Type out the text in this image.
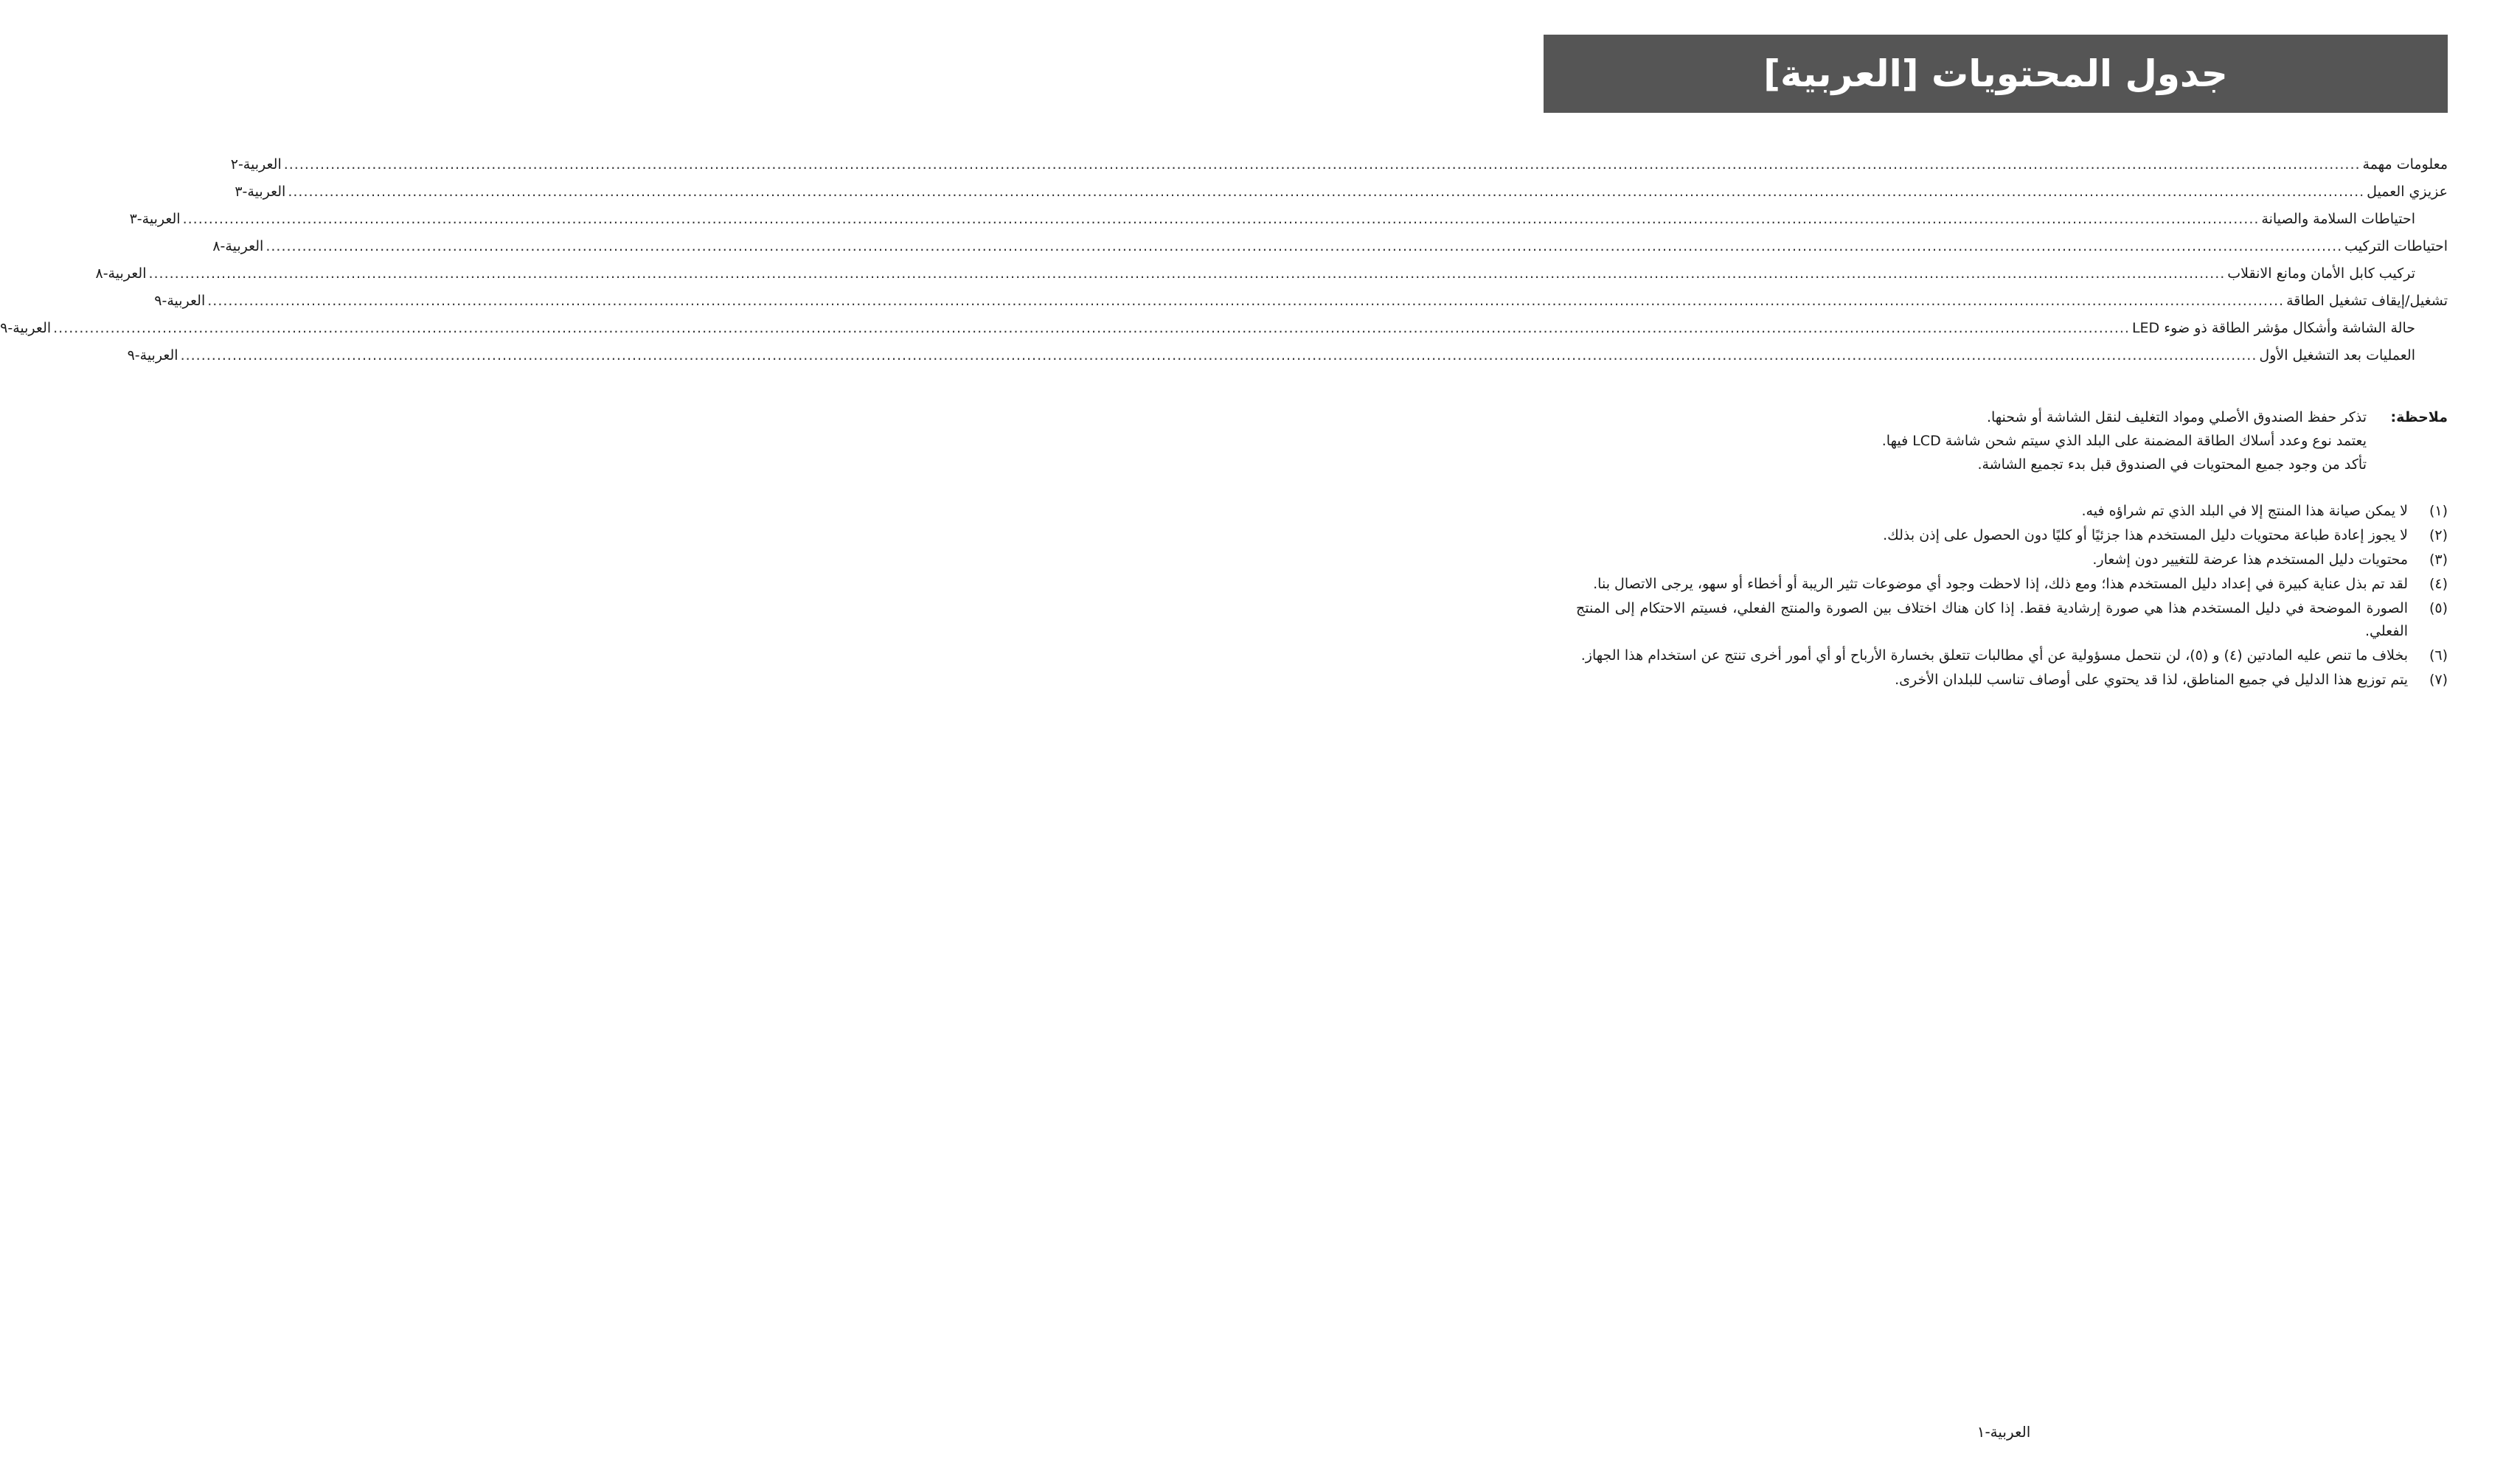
جدول المحتويات [العربية]
معلومات مهمة
................................................................................................................................................................................................................................................................................................................................................................................................................
العربية-٢
عزيزي العميل
................................................................................................................................................................................................................................................................................................................................................................................................................
العربية-٣
احتياطات السلامة والصيانة
................................................................................................................................................................................................................................................................................................................................................................................................................
العربية-٣
احتياطات التركيب
................................................................................................................................................................................................................................................................................................................................................................................................................
العربية-٨
تركيب كابل الأمان ومانع الانقلاب
................................................................................................................................................................................................................................................................................................................................................................................................................
العربية-٨
تشغيل/إيقاف تشغيل الطاقة
................................................................................................................................................................................................................................................................................................................................................................................................................
العربية-٩
حالة الشاشة وأشكال مؤشر الطاقة ذو ضوء LED
................................................................................................................................................................................................................................................................................................................................................................................................................
العربية-٩
العمليات بعد التشغيل الأول
................................................................................................................................................................................................................................................................................................................................................................................................................
العربية-٩
ملاحظة:
تذكر حفظ الصندوق الأصلي ومواد التغليف لنقل الشاشة أو شحنها.
يعتمد نوع وعدد أسلاك الطاقة المضمنة على البلد الذي سيتم شحن شاشة LCD فيها.
تأكد من وجود جميع المحتويات في الصندوق قبل بدء تجميع الشاشة.
(١)
لا يمكن صيانة هذا المنتج إلا في البلد الذي تم شراؤه فيه.
(٢)
لا يجوز إعادة طباعة محتويات دليل المستخدم هذا جزئيًا أو كليًا دون الحصول على إذن بذلك.
(٣)
محتويات دليل المستخدم هذا عرضة للتغيير دون إشعار.
(٤)
لقد تم بذل عناية كبيرة في إعداد دليل المستخدم هذا؛ ومع ذلك، إذا لاحظت وجود أي موضوعات تثير الريبة أو أخطاء أو سهو، يرجى الاتصال بنا.
(٥)
الصورة الموضحة في دليل المستخدم هذا هي صورة إرشادية فقط. إذا كان هناك اختلاف بين الصورة والمنتج الفعلي، فسيتم الاحتكام إلى المنتج الفعلي.
(٦)
بخلاف ما تنص عليه المادتين (٤) و (٥)، لن نتحمل مسؤولية عن أي مطالبات تتعلق بخسارة الأرباح أو أي أمور أخرى تنتج عن استخدام هذا الجهاز.
(٧)
يتم توزيع هذا الدليل في جميع المناطق، لذا قد يحتوي على أوصاف تناسب للبلدان الأخرى.
العربية-١
